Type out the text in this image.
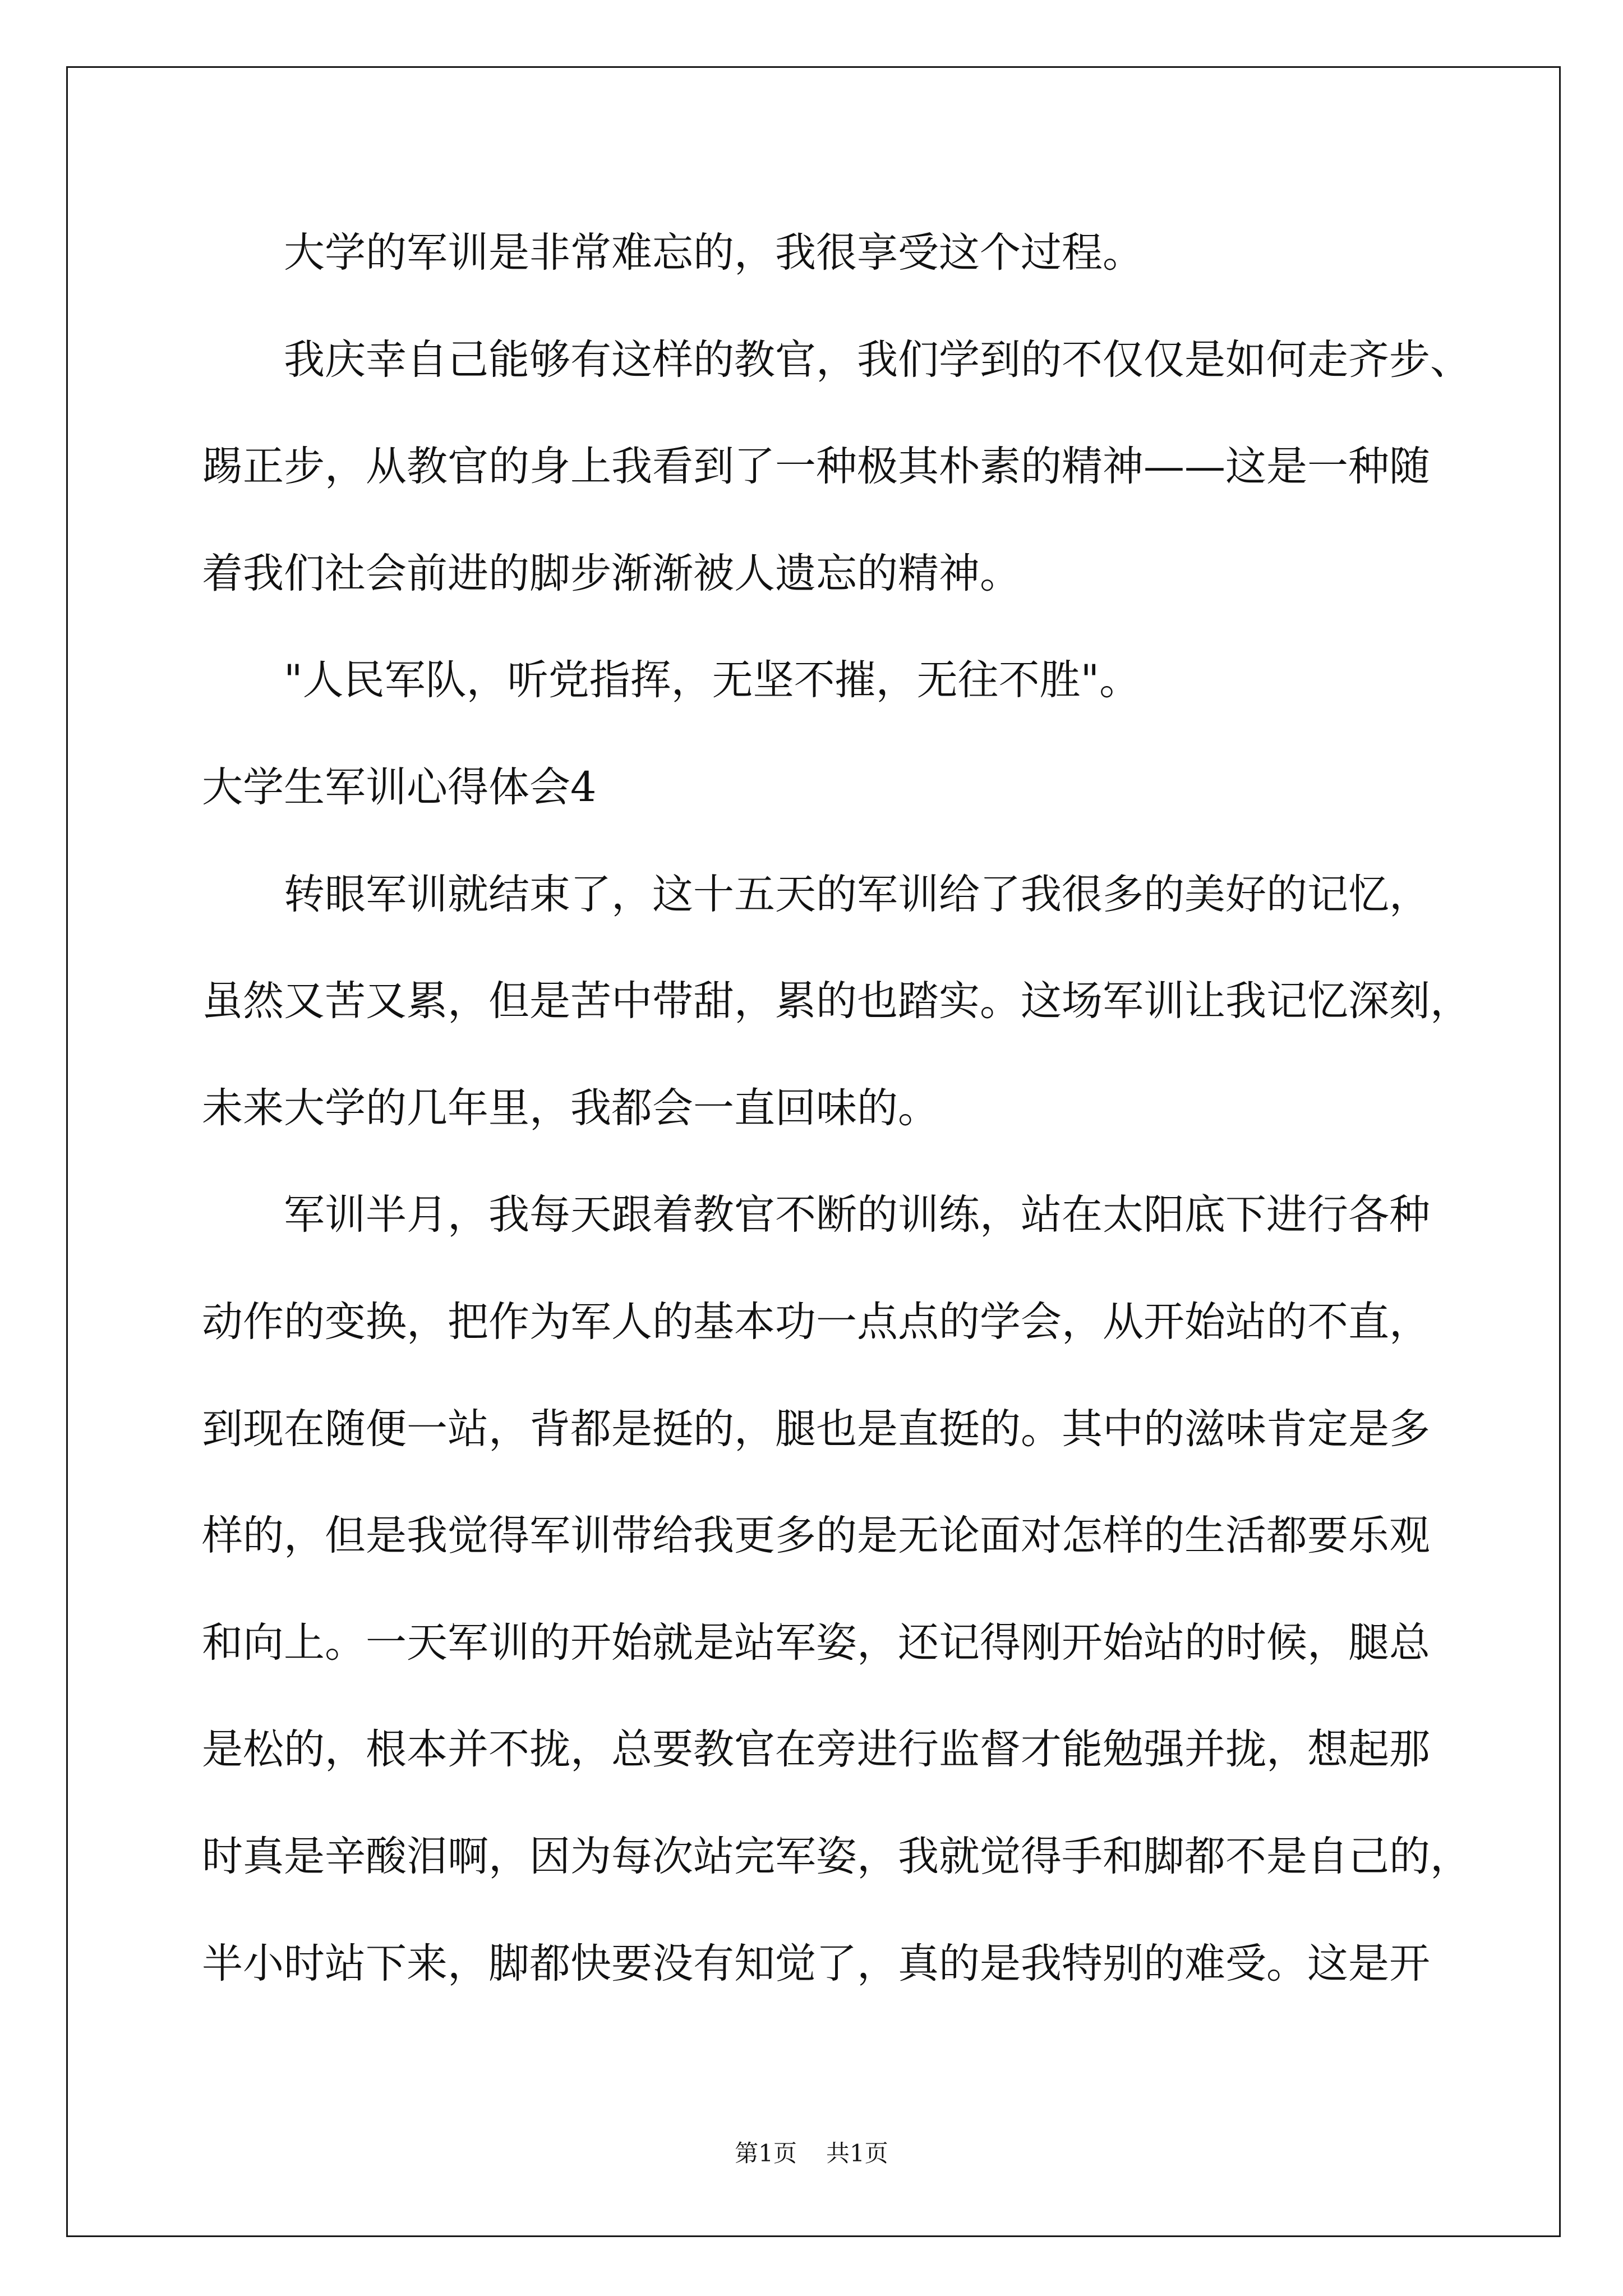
大学的军训是非常难忘的，我很享受这个过程。
我庆幸自己能够有这样的教官，我们学到的不仅仅是如何走齐步、
踢正步，从教官的身上我看到了一种极其朴素的精神——这是一种随
着我们社会前进的脚步渐渐被人遗忘的精神。
"人民军队，听党指挥，无坚不摧，无往不胜"。
大学生军训心得体会4
转眼军训就结束了，这十五天的军训给了我很多的美好的记忆，
虽然又苦又累，但是苦中带甜，累的也踏实。这场军训让我记忆深刻，
未来大学的几年里，我都会一直回味的。
军训半月，我每天跟着教官不断的训练，站在太阳底下进行各种
动作的变换，把作为军人的基本功一点点的学会，从开始站的不直，
到现在随便一站，背都是挺的，腿也是直挺的。其中的滋味肯定是多
样的，但是我觉得军训带给我更多的是无论面对怎样的生活都要乐观
和向上。一天军训的开始就是站军姿，还记得刚开始站的时候，腿总
是松的，根本并不拢，总要教官在旁进行监督才能勉强并拢，想起那
时真是辛酸泪啊，因为每次站完军姿，我就觉得手和脚都不是自己的，
半小时站下来，脚都快要没有知觉了，真的是我特别的难受。这是开
第1页 共1页
